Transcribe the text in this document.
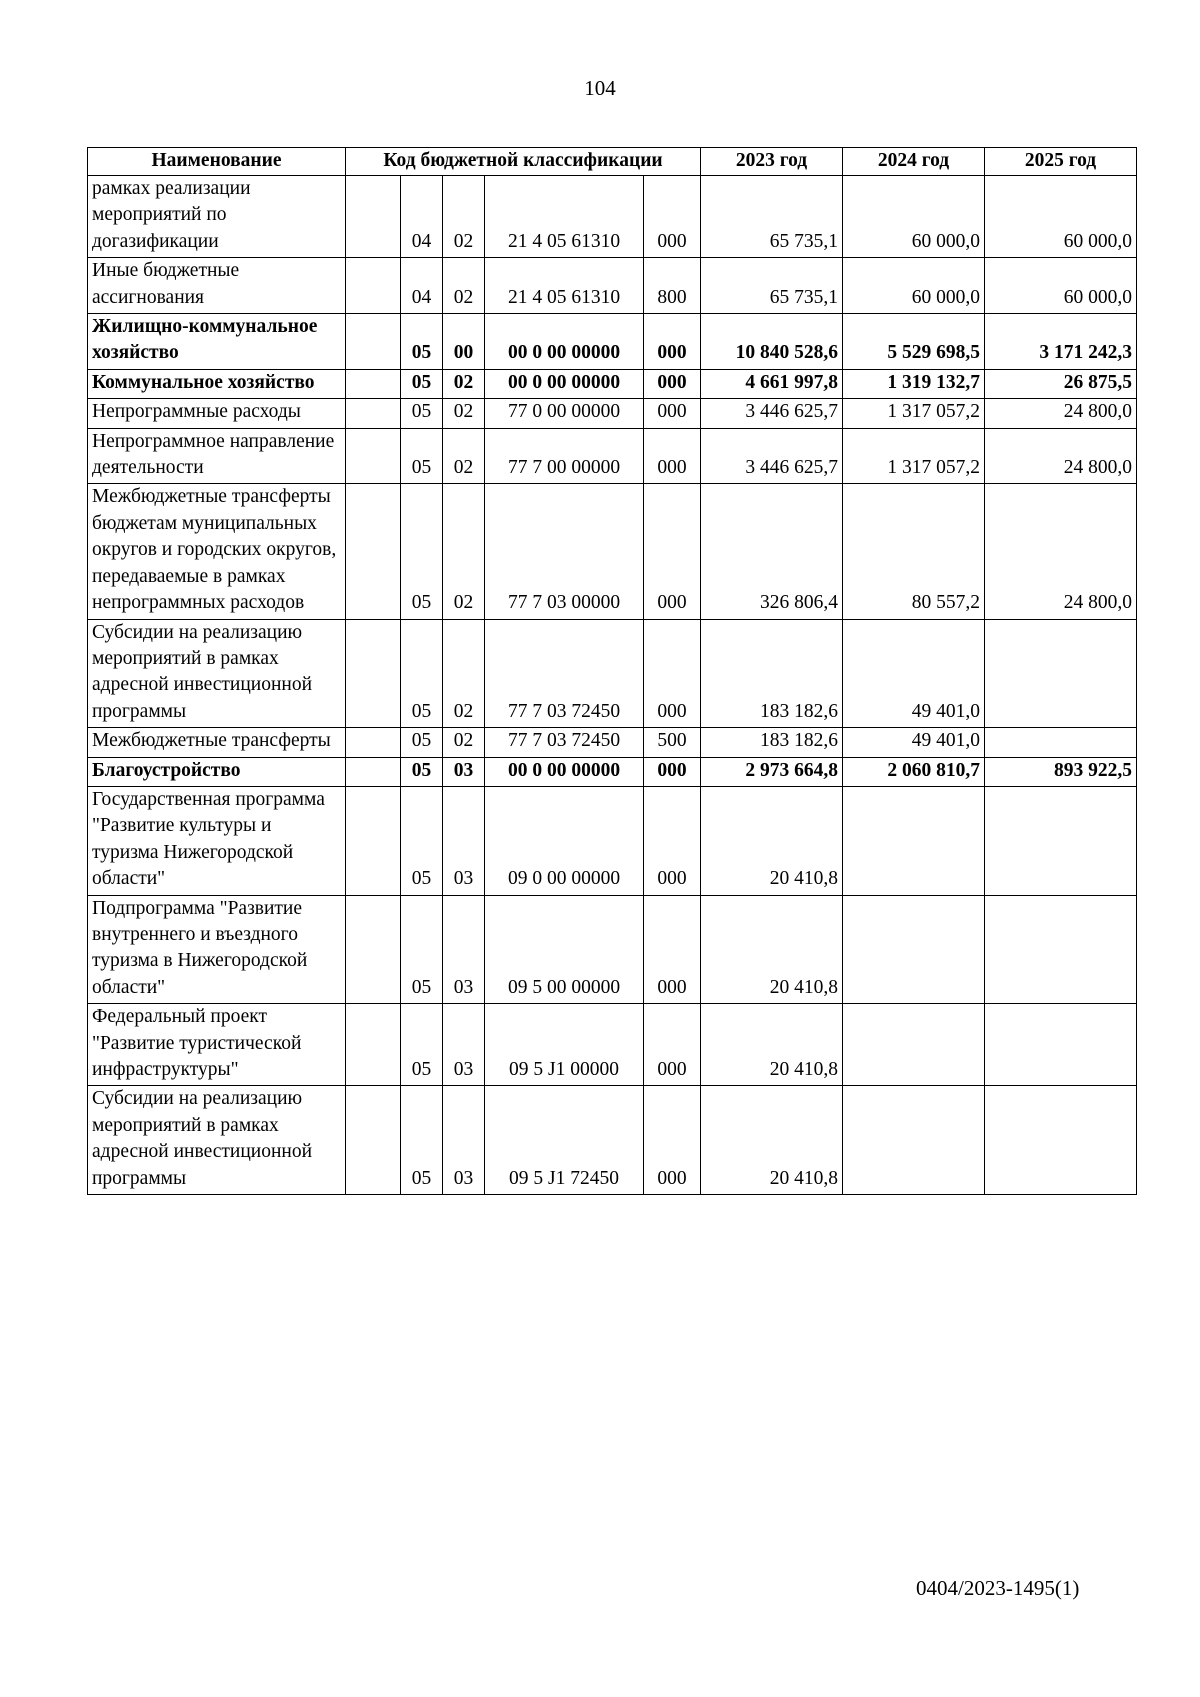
104
Наименование	Код бюджетной классификации					2023 год	2024 год	2025 год
рамках реализации мероприятий по догазификации		04	02	21 4 05 61310	000	65 735,1	60 000,0	60 000,0
Иные бюджетные ассигнования		04	02	21 4 05 61310	800	65 735,1	60 000,0	60 000,0
Жилищно-коммунальное хозяйство		05	00	00 0 00 00000	000	10 840 528,6	5 529 698,5	3 171 242,3
Коммунальное хозяйство		05	02	00 0 00 00000	000	4 661 997,8	1 319 132,7	26 875,5
Непрограммные расходы		05	02	77 0 00 00000	000	3 446 625,7	1 317 057,2	24 800,0
Непрограммное направление деятельности		05	02	77 7 00 00000	000	3 446 625,7	1 317 057,2	24 800,0
Межбюджетные трансферты бюджетам муниципальных округов и городских округов, передаваемые в рамках непрограммных расходов		05	02	77 7 03 00000	000	326 806,4	80 557,2	24 800,0
Субсидии на реализацию мероприятий в рамках адресной инвестиционной программы		05	02	77 7 03 72450	000	183 182,6	49 401,0	
Межбюджетные трансферты		05	02	77 7 03 72450	500	183 182,6	49 401,0	
Благоустройство		05	03	00 0 00 00000	000	2 973 664,8	2 060 810,7	893 922,5
Государственная программа "Развитие культуры и туризма Нижегородской области"		05	03	09 0 00 00000	000	20 410,8		
Подпрограмма "Развитие внутреннего и въездного туризма в Нижегородской области"		05	03	09 5 00 00000	000	20 410,8		
Федеральный проект "Развитие туристической инфраструктуры"		05	03	09 5 J1 00000	000	20 410,8		
Субсидии на реализацию мероприятий в рамках адресной инвестиционной программы		05	03	09 5 J1 72450	000	20 410,8		
0404/2023-1495(1)
